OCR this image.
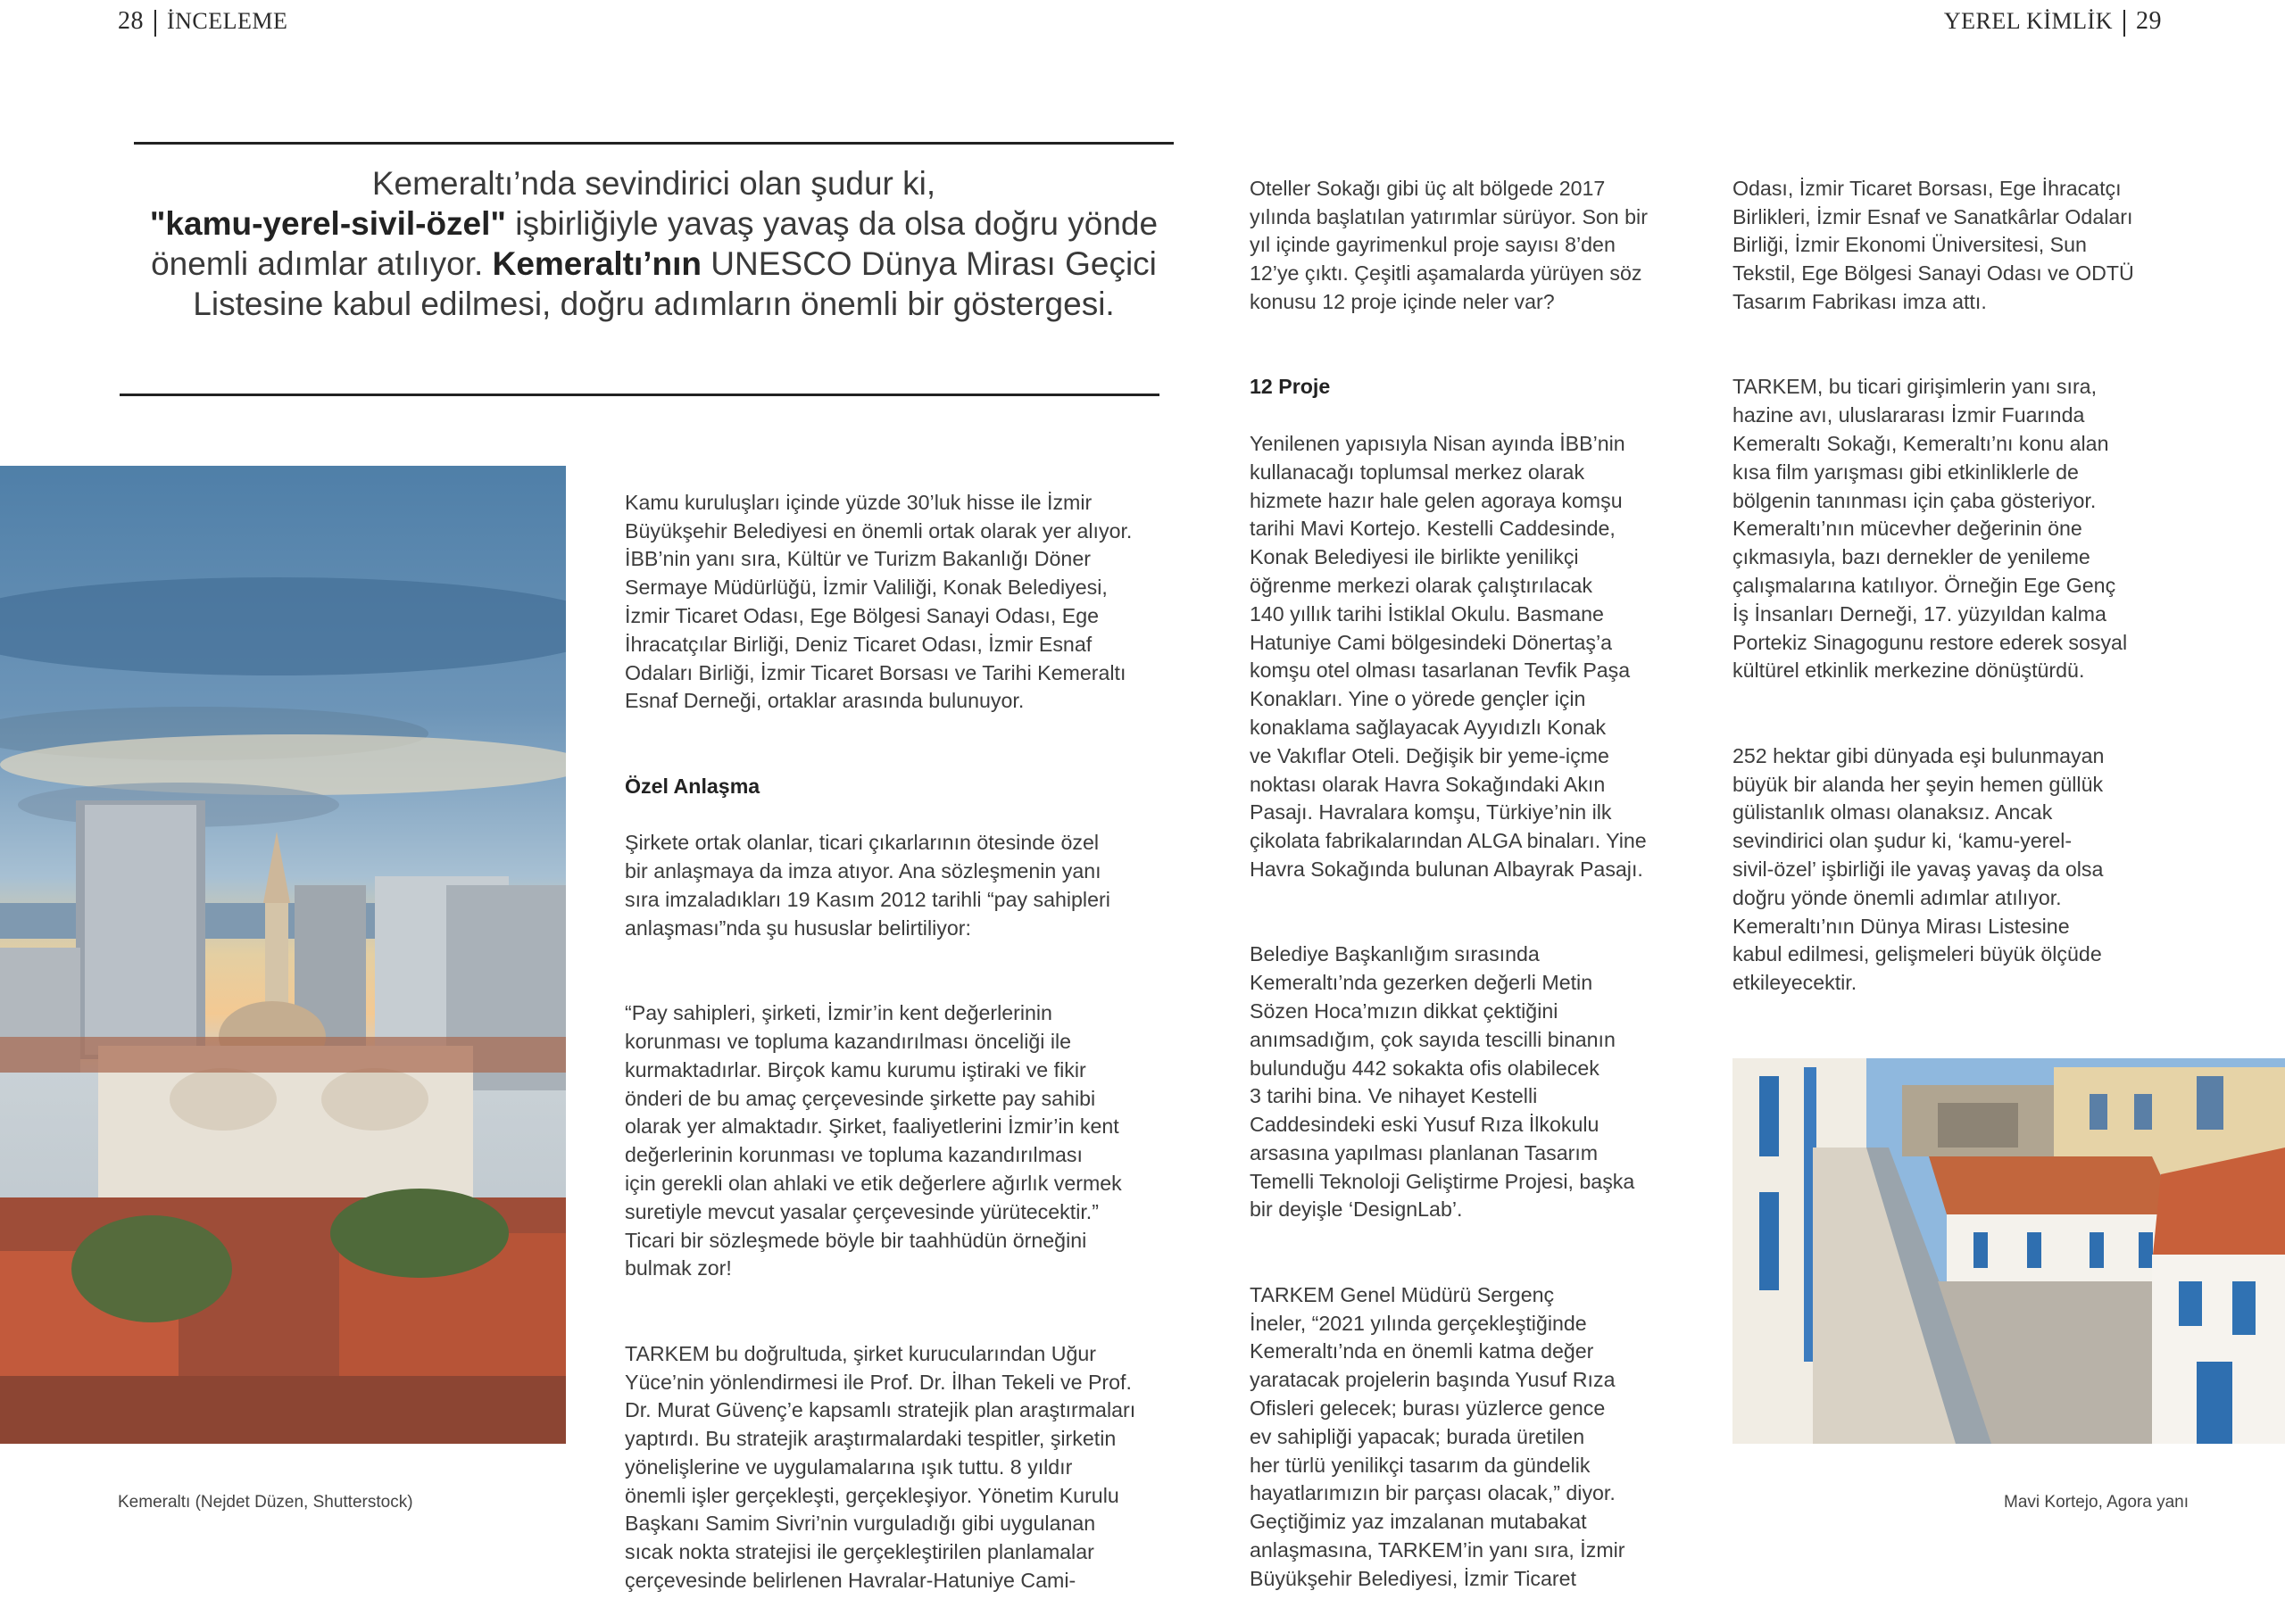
28 İNCELEME	YEREL KİMLİK 29
Kemeraltı’nda sevindirici olan şudur ki,
"kamu-yerel-sivil-özel" işbirliğiyle yavaş yavaş da olsa doğru yönde önemli adımlar atılıyor. Kemeraltı’nın UNESCO Dünya Mirası Geçici Listesine kabul edilmesi, doğru adımların önemli bir göstergesi.

Kamu kuruluşları içinde yüzde 30’luk hisse ile İzmir
Büyükşehir Belediyesi en önemli ortak olarak yer alıyor.
İBB’nin yanı sıra, Kültür ve Turizm Bakanlığı Döner
Sermaye Müdürlüğü, İzmir Valiliği, Konak Belediyesi,
İzmir Ticaret Odası, Ege Bölgesi Sanayi Odası, Ege
İhracatçılar Birliği, Deniz Ticaret Odası, İzmir Esnaf
Odaları Birliği, İzmir Ticaret Borsası ve Tarihi Kemeraltı
Esnaf Derneği, ortaklar arasında bulunuyor.

Özel Anlaşma

Şirkete ortak olanlar, ticari çıkarlarının ötesinde özel
bir anlaşmaya da imza atıyor. Ana sözleşmenin yanı
sıra imzaladıkları 19 Kasım 2012 tarihli “pay sahipleri
anlaşması”nda şu hususlar belirtiliyor:

“Pay sahipleri, şirketi, İzmir’in kent değerlerinin
korunması ve topluma kazandırılması önceliği ile
kurmaktadırlar. Birçok kamu kurumu iştiraki ve fikir
önderi de bu amaç çerçevesinde şirkette pay sahibi
olarak yer almaktadır. Şirket, faaliyetlerini İzmir’in kent
değerlerinin korunması ve topluma kazandırılması
için gerekli olan ahlaki ve etik değerlere ağırlık vermek
suretiyle mevcut yasalar çerçevesinde yürütecektir.”
Ticari bir sözleşmede böyle bir taahhüdün örneğini
bulmak zor!

TARKEM bu doğrultuda, şirket kurucularından Uğur
Yüce’nin yönlendirmesi ile Prof. Dr. İlhan Tekeli ve Prof.
Dr. Murat Güvenç’e kapsamlı stratejik plan araştırmaları
yaptırdı. Bu stratejik araştırmalardaki tespitler, şirketin
yönelişlerine ve uygulamalarına ışık tuttu. 8 yıldır
önemli işler gerçekleşti, gerçekleşiyor. Yönetim Kurulu
Başkanı Samim Sivri’nin vurguladığı gibi uygulanan
sıcak nokta stratejisi ile gerçekleştirilen planlamalar
çerçevesinde belirlenen Havralar-Hatuniye Cami-

Oteller Sokağı gibi üç alt bölgede 2017
yılında başlatılan yatırımlar sürüyor. Son bir
yıl içinde gayrimenkul proje sayısı 8’den
12’ye çıktı. Çeşitli aşamalarda yürüyen söz
konusu 12 proje içinde neler var?

12 Proje

Yenilenen yapısıyla Nisan ayında İBB’nin
kullanacağı toplumsal merkez olarak
hizmete hazır hale gelen agoraya komşu
tarihi Mavi Kortejo. Kestelli Caddesinde,
Konak Belediyesi ile birlikte yenilikçi
öğrenme merkezi olarak çalıştırılacak
140 yıllık tarihi İstiklal Okulu. Basmane
Hatuniye Cami bölgesindeki Dönertaş’a
komşu otel olması tasarlanan Tevfik Paşa
Konakları. Yine o yörede gençler için
konaklama sağlayacak Ayyıdızlı Konak
ve Vakıflar Oteli. Değişik bir yeme-içme
noktası olarak Havra Sokağındaki Akın
Pasajı. Havralara komşu, Türkiye’nin ilk
çikolata fabrikalarından ALGA binaları. Yine
Havra Sokağında bulunan Albayrak Pasajı.

Belediye Başkanlığım sırasında
Kemeraltı’nda gezerken değerli Metin
Sözen Hoca’mızın dikkat çektiğini
anımsadığım, çok sayıda tescilli binanın
bulunduğu 442 sokakta ofis olabilecek
3 tarihi bina. Ve nihayet Kestelli
Caddesindeki eski Yusuf Rıza İlkokulu
arsasına yapılması planlanan Tasarım
Temelli Teknoloji Geliştirme Projesi, başka
bir deyişle ‘DesignLab’.

TARKEM Genel Müdürü Sergenç
İneler, “2021 yılında gerçekleştiğinde
Kemeraltı’nda en önemli katma değer
yaratacak projelerin başında Yusuf Rıza
Ofisleri gelecek; burası yüzlerce gence
ev sahipliği yapacak; burada üretilen
her türlü yenilikçi tasarım da gündelik
hayatlarımızın bir parçası olacak,” diyor.
Geçtiğimiz yaz imzalanan mutabakat
anlaşmasına, TARKEM’in yanı sıra, İzmir
Büyükşehir Belediyesi, İzmir Ticaret

Odası, İzmir Ticaret Borsası, Ege İhracatçı
Birlikleri, İzmir Esnaf ve Sanatkârlar Odaları
Birliği, İzmir Ekonomi Üniversitesi, Sun
Tekstil, Ege Bölgesi Sanayi Odası ve ODTÜ
Tasarım Fabrikası imza attı.

TARKEM, bu ticari girişimlerin yanı sıra,
hazine avı, uluslararası İzmir Fuarında
Kemeraltı Sokağı, Kemeraltı’nı konu alan
kısa film yarışması gibi etkinliklerle de
bölgenin tanınması için çaba gösteriyor.
Kemeraltı’nın mücevher değerinin öne
çıkmasıyla, bazı dernekler de yenileme
çalışmalarına katılıyor. Örneğin Ege Genç
İş İnsanları Derneği, 17. yüzyıldan kalma
Portekiz Sinagogunu restore ederek sosyal
kültürel etkinlik merkezine dönüştürdü.

252 hektar gibi dünyada eşi bulunmayan
büyük bir alanda her şeyin hemen güllük
gülistanlık olması olanaksız. Ancak
sevindirici olan şudur ki, ‘kamu-yerel-
sivil-özel’ işbirliği ile yavaş yavaş da olsa
doğru yönde önemli adımlar atılıyor.
Kemeraltı’nın Dünya Mirası Listesine
kabul edilmesi, gelişmeleri büyük ölçüde
etkileyecektir.

Kemeraltı (Nejdet Düzen, Shutterstock)	Mavi Kortejo, Agora yanı
